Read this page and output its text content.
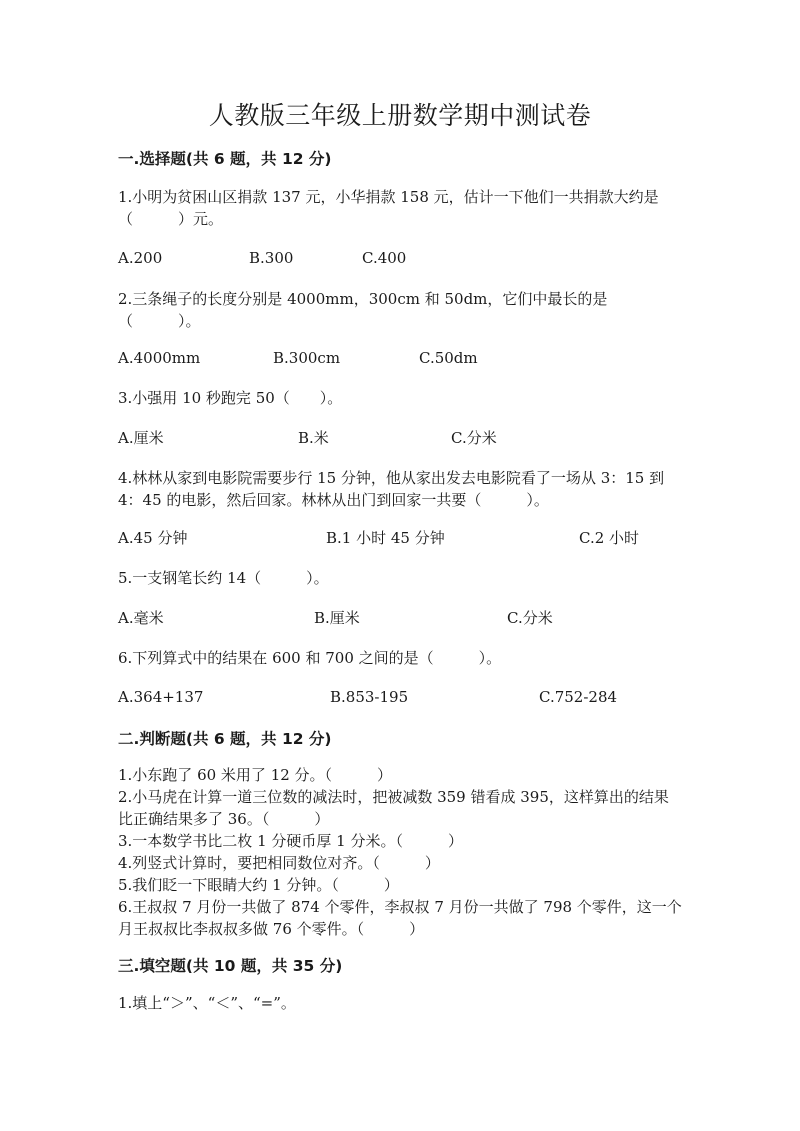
人教版三年级上册数学期中测试卷
一.选择题(共 6 题，共 12 分)
1.小明为贫困山区捐款 137 元，小华捐款 158 元，估计一下他们一共捐款大约是（　　　）元。
A.200	B.300	C.400
2.三条绳子的长度分别是 4000mm，300cm 和 50dm，它们中最长的是（　　　）。
A.4000mm	B.300cm	C.50dm
3.小强用 10 秒跑完 50（　　）。
A.厘米	B.米	C.分米
4.林林从家到电影院需要步行 15 分钟，他从家出发去电影院看了一场从 3：15 到 4：45 的电影，然后回家。林林从出门到回家一共要（　　　）。
A.45 分钟	B.1 小时 45 分钟	C.2 小时
5.一支钢笔长约 14（　　　）。
A.毫米	B.厘米	C.分米
6.下列算式中的结果在 600 和 700 之间的是（　　　）。
A.364+137	B.853-195	C.752-284
二.判断题(共 6 题，共 12 分)
1.小东跑了 60 米用了 12 分。（　　　）
2.小马虎在计算一道三位数的减法时，把被减数 359 错看成 395，这样算出的结果比正确结果多了 36。（　　　）
3.一本数学书比二枚 1 分硬币厚 1 分米。（　　　）
4.列竖式计算时，要把相同数位对齐。（　　　）
5.我们眨一下眼睛大约 1 分钟。（　　　）
6.王叔叔 7 月份一共做了 874 个零件，李叔叔 7 月份一共做了 798 个零件，这一个月王叔叔比李叔叔多做 76 个零件。（　　　）
三.填空题(共 10 题，共 35 分)
1.填上“＞”、“＜”、“=”。
